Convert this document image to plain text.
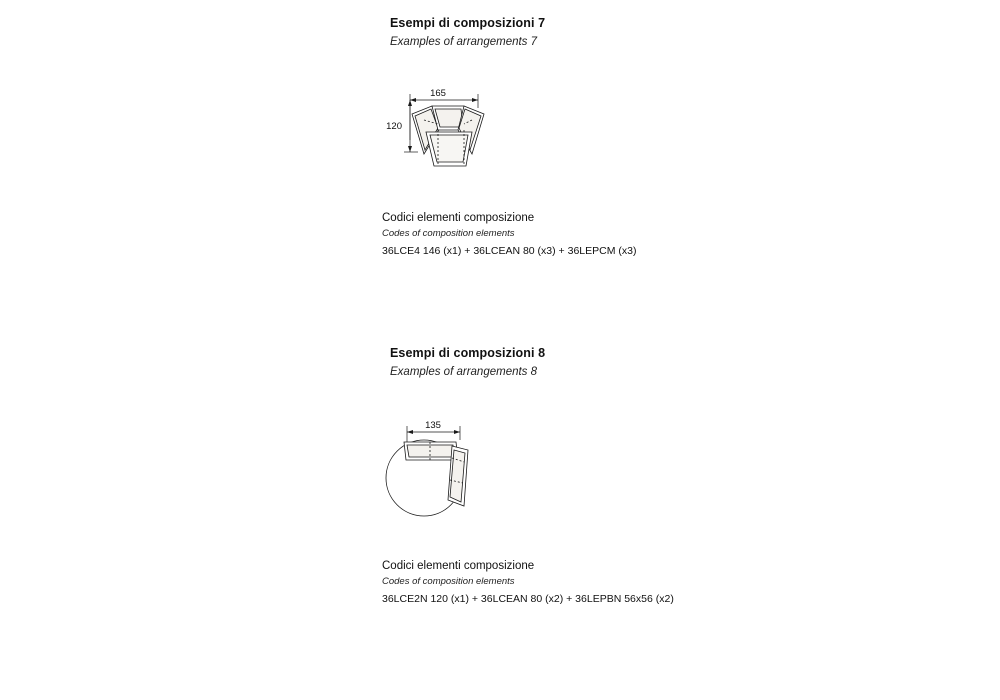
Esempi di composizioni 7
Examples of arrangements 7
165
120
Codici elementi composizione
Codes of composition elements
36LCE4 146 (x1) + 36LCEAN 80 (x3) + 36LEPCM (x3)
Esempi di composizioni 8
Examples of arrangements 8
135
Codici elementi composizione
Codes of composition elements
36LCE2N 120 (x1) + 36LCEAN 80 (x2) + 36LEPBN 56x56 (x2)
